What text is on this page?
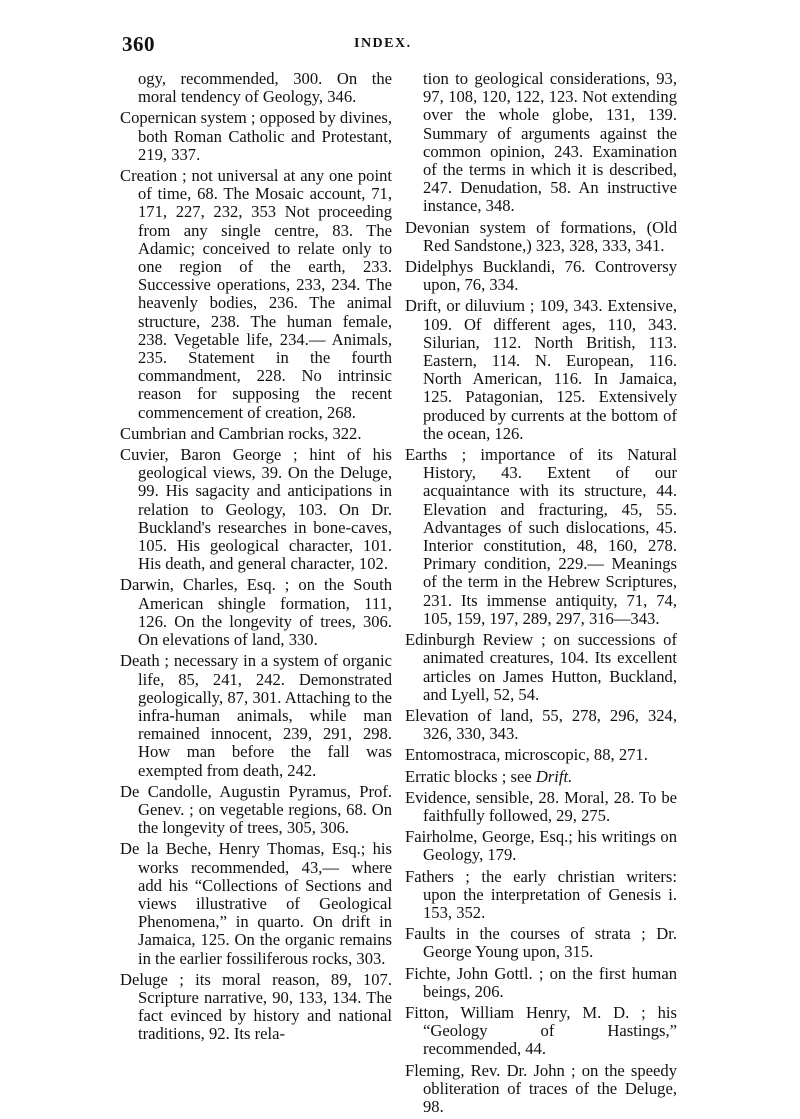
360	INDEX.

ogy, recommended, 300. On the moral tendency of Geology, 346.

Copernican system ; opposed by divines, both Roman Catholic and Protestant, 219, 337.

Creation ; not universal at any one point of time, 68. The Mosaic account, 71, 171, 227, 232, 353 Not proceeding from any single centre, 83. The Adamic; conceived to relate only to one region of the earth, 233. Successive operations, 233, 234. The heavenly bodies, 236. The animal structure, 238. The human female, 238. Vegetable life, 234.— Animals, 235. Statement in the fourth commandment, 228. No intrinsic reason for supposing the recent commencement of creation, 268.

Cumbrian and Cambrian rocks, 322.

Cuvier, Baron George ; hint of his geological views, 39. On the Deluge, 99. His sagacity and anticipations in relation to Geology, 103. On Dr. Buckland's researches in bone-caves, 105. His geological character, 101. His death, and general character, 102.

Darwin, Charles, Esq. ; on the South American shingle formation, 111, 126. On the longevity of trees, 306. On elevations of land, 330.

Death ; necessary in a system of organic life, 85, 241, 242. Demonstrated geologically, 87, 301. Attaching to the infra-human animals, while man remained innocent, 239, 291, 298. How man before the fall was exempted from death, 242.

De Candolle, Augustin Pyramus, Prof. Genev. ; on vegetable regions, 68. On the longevity of trees, 305, 306.

De la Beche, Henry Thomas, Esq.; his works recommended, 43,— where add his “Collections of Sections and views illustrative of Geological Phenomena,” in quarto. On drift in Jamaica, 125. On the organic remains in the earlier fossiliferous rocks, 303.

Deluge ; its moral reason, 89, 107. Scripture narrative, 90, 133, 134. The fact evinced by history and national traditions, 92. Its rela-

tion to geological considerations, 93, 97, 108, 120, 122, 123. Not extending over the whole globe, 131, 139. Summary of arguments against the common opinion, 243. Examination of the terms in which it is described, 247. Denudation, 58. An instructive instance, 348.

Devonian system of formations, (Old Red Sandstone,) 323, 328, 333, 341.

Didelphys Bucklandi, 76. Controversy upon, 76, 334.

Drift, or diluvium ; 109, 343. Extensive, 109. Of different ages, 110, 343. Silurian, 112. North British, 113. Eastern, 114. N. European, 116. North American, 116. In Jamaica, 125. Patagonian, 125. Extensively produced by currents at the bottom of the ocean, 126.

Earths ; importance of its Natural History, 43. Extent of our acquaintance with its structure, 44. Elevation and fracturing, 45, 55. Advantages of such dislocations, 45. Interior constitution, 48, 160, 278. Primary condition, 229.— Meanings of the term in the Hebrew Scriptures, 231. Its immense antiquity, 71, 74, 105, 159, 197, 289, 297, 316—343.

Edinburgh Review ; on successions of animated creatures, 104. Its excellent articles on James Hutton, Buckland, and Lyell, 52, 54.

Elevation of land, 55, 278, 296, 324, 326, 330, 343.

Entomostraca, microscopic, 88, 271.

Erratic blocks ; see Drift.

Evidence, sensible, 28. Moral, 28. To be faithfully followed, 29, 275.

Fairholme, George, Esq.; his writings on Geology, 179.

Fathers ; the early christian writers: upon the interpretation of Genesis i. 153, 352.

Faults in the courses of strata ; Dr. George Young upon, 315.

Fichte, John Gottl. ; on the first human beings, 206.

Fitton, William Henry, M. D. ; his “Geology of Hastings,” recommended, 44.

Fleming, Rev. Dr. John ; on the speedy obliteration of traces of the Deluge, 98.
